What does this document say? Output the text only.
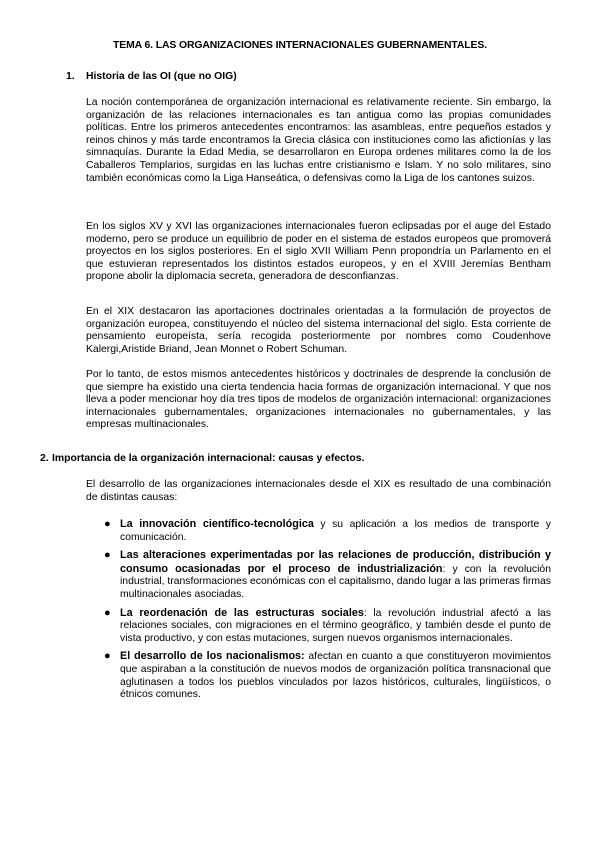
TEMA 6. LAS ORGANIZACIONES INTERNACIONALES GUBERNAMENTALES.
1. Historia de las OI (que no OIG)

La noción contemporánea de organización internacional es relativamente reciente. Sin embargo, la organización de las relaciones internacionales es tan antigua como las propias comunidades políticas. Entre los primeros antecedentes encontramos: las asambleas, entre pequeños estados y reinos chinos y más tarde encontramos la Grecia clásica con instituciones como las afictionías y las simnaquías. Durante la Edad Media, se desarrollaron en Europa ordenes militares como la de los Caballeros Templarios, surgidas en las luchas entre cristianismo e Islam. Y no solo militares, sino también económicas como la Liga Hanseática, o defensivas como la Liga de los cantones suizos.

En los siglos XV y XVI las organizaciones internacionales fueron eclipsadas por el auge del Estado moderno, pero se produce un equilibrio de poder en el sistema de estados europeos que promoverá proyectos en los siglos posteriores. En el siglo XVII William Penn propondría un Parlamento en el que estuvieran representados los distintos estados europeos, y en el XVIII Jeremías Bentham propone abolir la diplomacia secreta, generadora de desconfianzas.

En el XIX destacaron las aportaciones doctrinales orientadas a la formulación de proyectos de organización europea, constituyendo el núcleo del sistema internacional del siglo. Esta corriente de pensamiento europeísta, sería recogida posteriormente por nombres como Coudenhove Kalergi,Aristide Briand, Jean Monnet o Robert Schuman.

Por lo tanto, de estos mismos antecedentes históricos y doctrinales de desprende la conclusión de que siempre ha existido una cierta tendencia hacia formas de organización internacional. Y que nos lleva a poder mencionar hoy día tres tipos de modelos de organización internacional: organizaciones internacionales gubernamentales, organizaciones internacionales no gubernamentales, y las empresas multinacionales.

2. Importancia de la organización internacional: causas y efectos.

El desarrollo de las organizaciones internacionales desde el XIX es resultado de una combinación de distintas causas:

● La innovación científico-tecnológica y su aplicación a los medios de transporte y comunicación.
● Las alteraciones experimentadas por las relaciones de producción, distribución y consumo ocasionadas por el proceso de industrialización: y con la revolución industrial, transformaciones económicas con el capitalismo, dando lugar a las primeras firmas multinacionales asociadas.
● La reordenación de las estructuras sociales: la revolución industrial afectó a las relaciones sociales, con migraciones en el término geográfico, y también desde el punto de vista productivo, y con estas mutaciones, surgen nuevos organismos internacionales.
● El desarrollo de los nacionalismos: afectan en cuanto a que constituyeron movimientos que aspiraban a la constitución de nuevos modos de organización política transnacional que aglutinasen a todos los pueblos vinculados por lazos históricos, culturales, lingüísticos, o étnicos comunes.
